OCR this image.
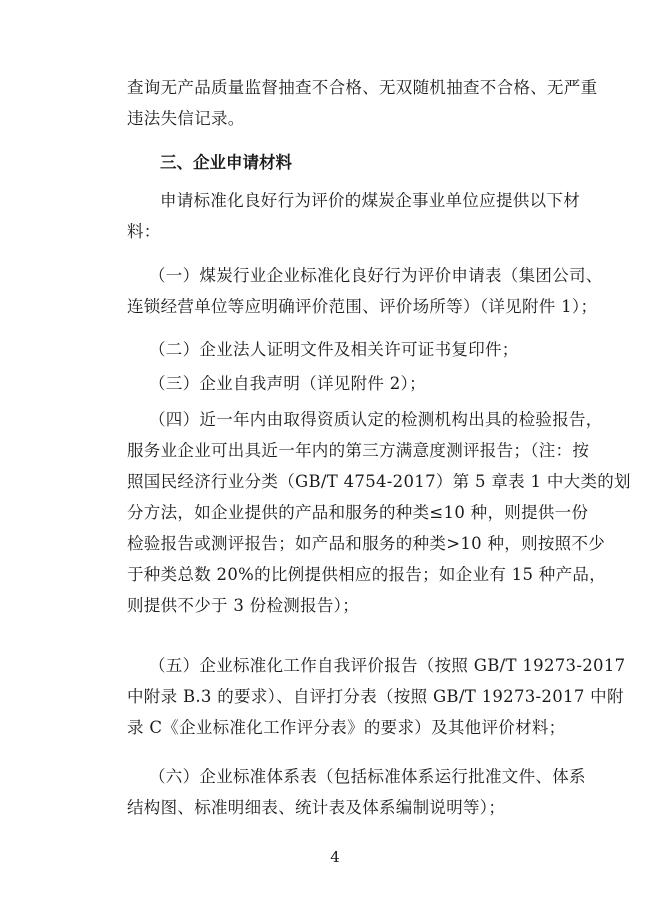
查询无产品质量监督抽查不合格、无双随机抽查不合格、无严重
违法失信记录。

三、企业申请材料

申请标准化良好行为评价的煤炭企事业单位应提供以下材
料：

（一）煤炭行业企业标准化良好行为评价申请表（集团公司、
连锁经营单位等应明确评价范围、评价场所等）（详见附件 1）；

（二）企业法人证明文件及相关许可证书复印件；

（三）企业自我声明（详见附件 2）；

（四）近一年内由取得资质认定的检测机构出具的检验报告，
服务业企业可出具近一年内的第三方满意度测评报告；（注：按
照国民经济行业分类（GB/T 4754-2017）第 5 章表 1 中大类的划
分方法，如企业提供的产品和服务的种类≤10 种，则提供一份
检验报告或测评报告；如产品和服务的种类>10 种，则按照不少
于种类总数 20%的比例提供相应的报告；如企业有 15 种产品，
则提供不少于 3 份检测报告）；

（五）企业标准化工作自我评价报告（按照 GB/T 19273-2017
中附录 B.3 的要求）、自评打分表（按照 GB/T 19273-2017 中附
录 C《企业标准化工作评分表》的要求）及其他评价材料；

（六）企业标准体系表（包括标准体系运行批准文件、体系
结构图、标准明细表、统计表及体系编制说明等）；

4
